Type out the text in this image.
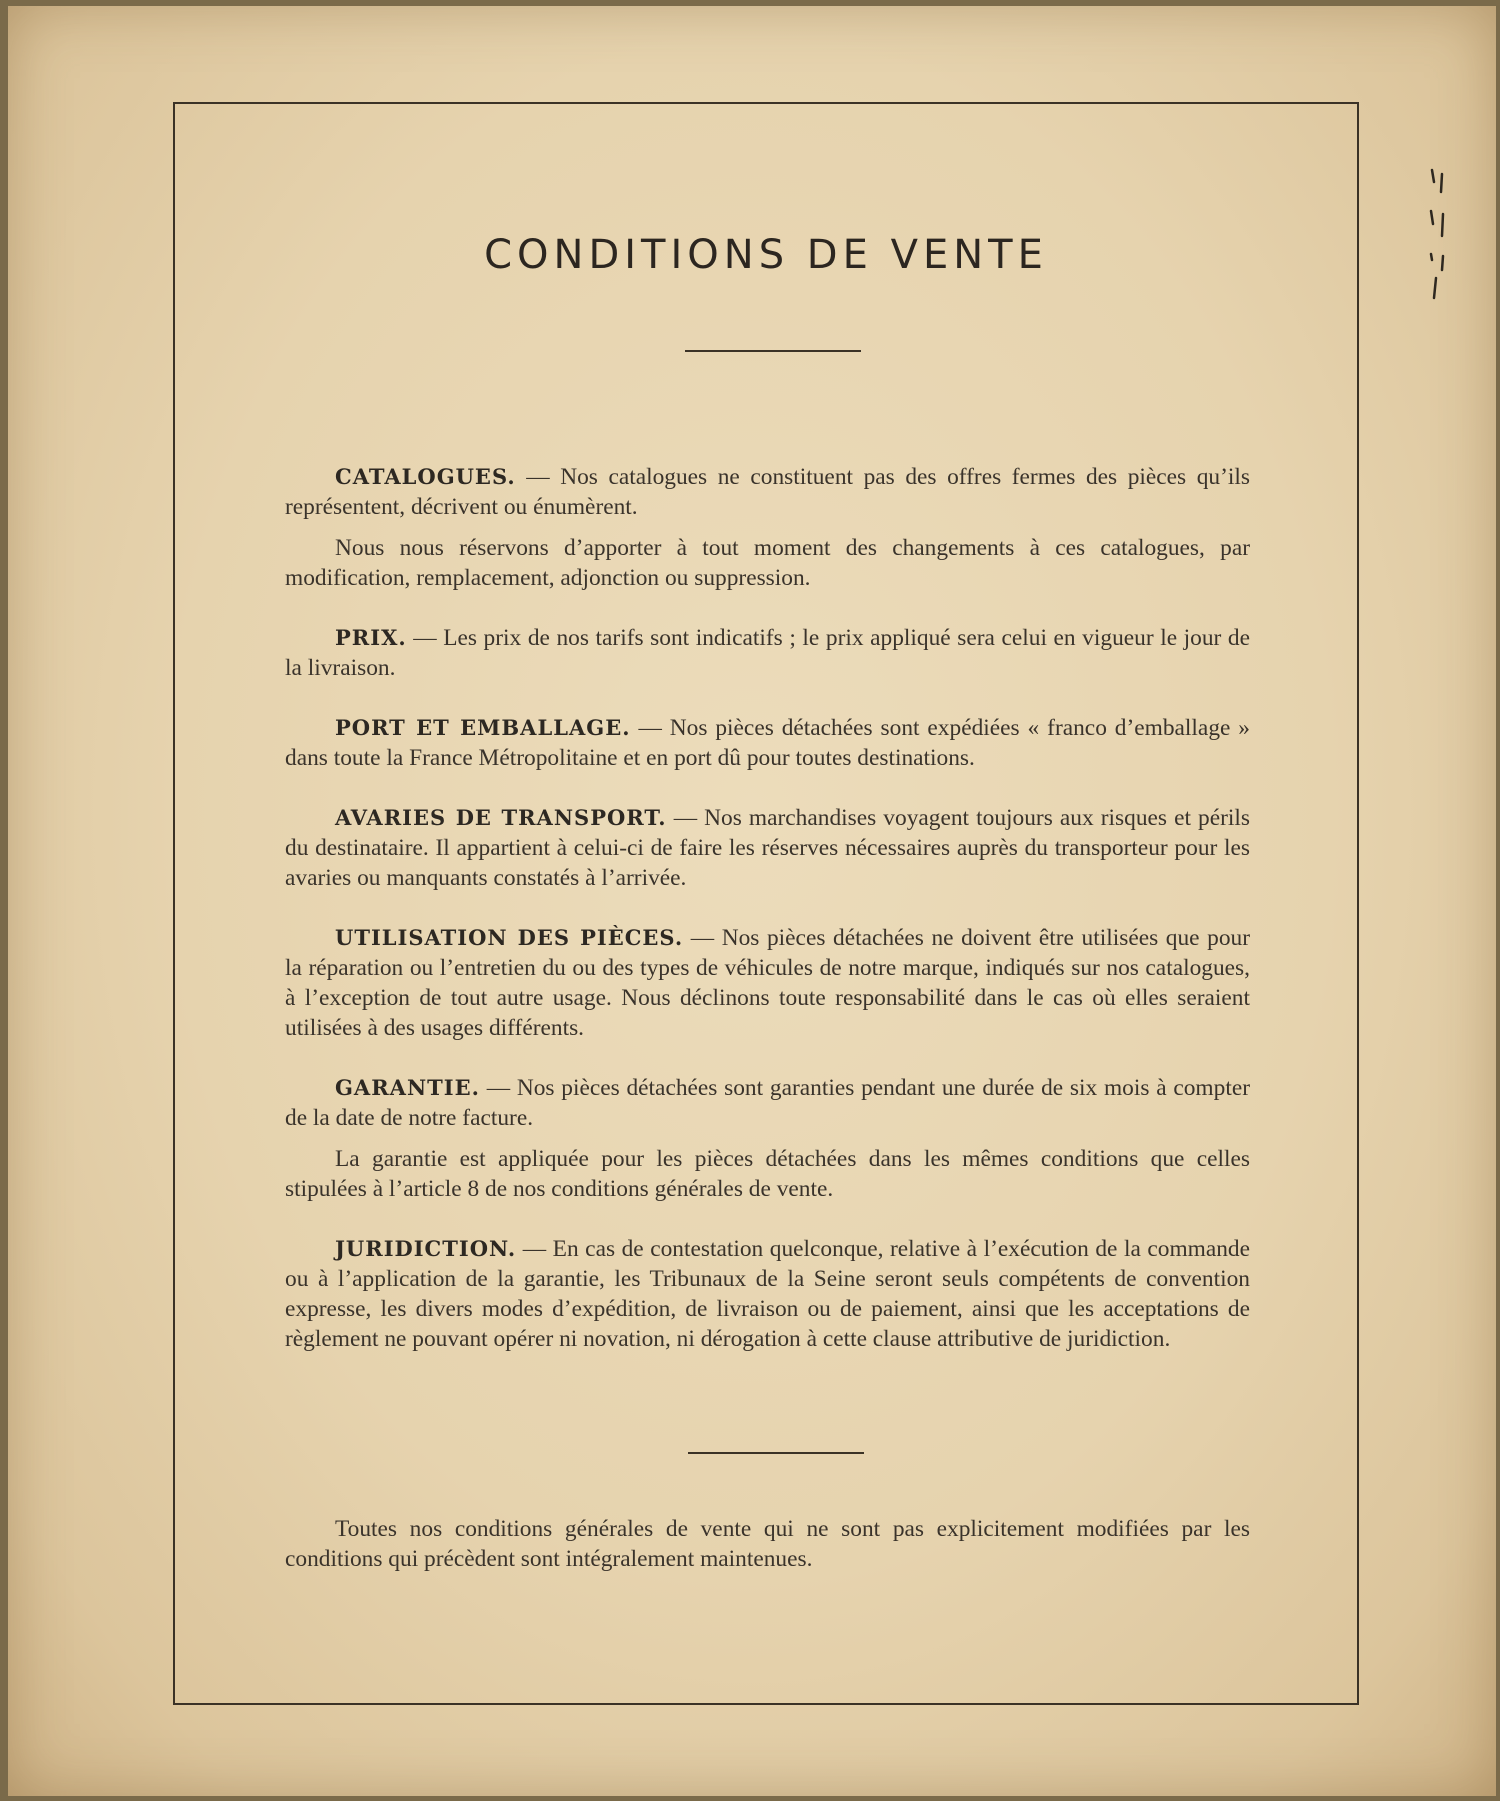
CONDITIONS DE VENTE

CATALOGUES. — Nos catalogues ne constituent pas des offres fermes des pièces qu’ils représentent, décrivent ou énumèrent.

Nous nous réservons d’apporter à tout moment des changements à ces catalogues, par modification, remplacement, adjonction ou suppression.

PRIX. — Les prix de nos tarifs sont indicatifs ; le prix appliqué sera celui en vigueur le jour de la livraison.

PORT ET EMBALLAGE. — Nos pièces détachées sont expédiées « franco d’emballage » dans toute la France Métropolitaine et en port dû pour toutes destinations.

AVARIES DE TRANSPORT. — Nos marchandises voyagent toujours aux risques et périls du destinataire. Il appartient à celui-ci de faire les réserves nécessaires auprès du transporteur pour les avaries ou manquants constatés à l’arrivée.

UTILISATION DES PIÈCES. — Nos pièces détachées ne doivent être utilisées que pour la réparation ou l’entretien du ou des types de véhicules de notre marque, indiqués sur nos catalogues, à l’exception de tout autre usage. Nous déclinons toute responsabilité dans le cas où elles seraient utilisées à des usages différents.

GARANTIE. — Nos pièces détachées sont garanties pendant une durée de six mois à compter de la date de notre facture.

La garantie est appliquée pour les pièces détachées dans les mêmes conditions que celles stipulées à l’article 8 de nos conditions générales de vente.

JURIDICTION. — En cas de contestation quelconque, relative à l’exécution de la commande ou à l’application de la garantie, les Tribunaux de la Seine seront seuls compétents de convention expresse, les divers modes d’expédition, de livraison ou de paiement, ainsi que les acceptations de règlement ne pouvant opérer ni novation, ni dérogation à cette clause attributive de juridiction.

Toutes nos conditions générales de vente qui ne sont pas explicitement modifiées par les conditions qui précèdent sont intégralement maintenues.
